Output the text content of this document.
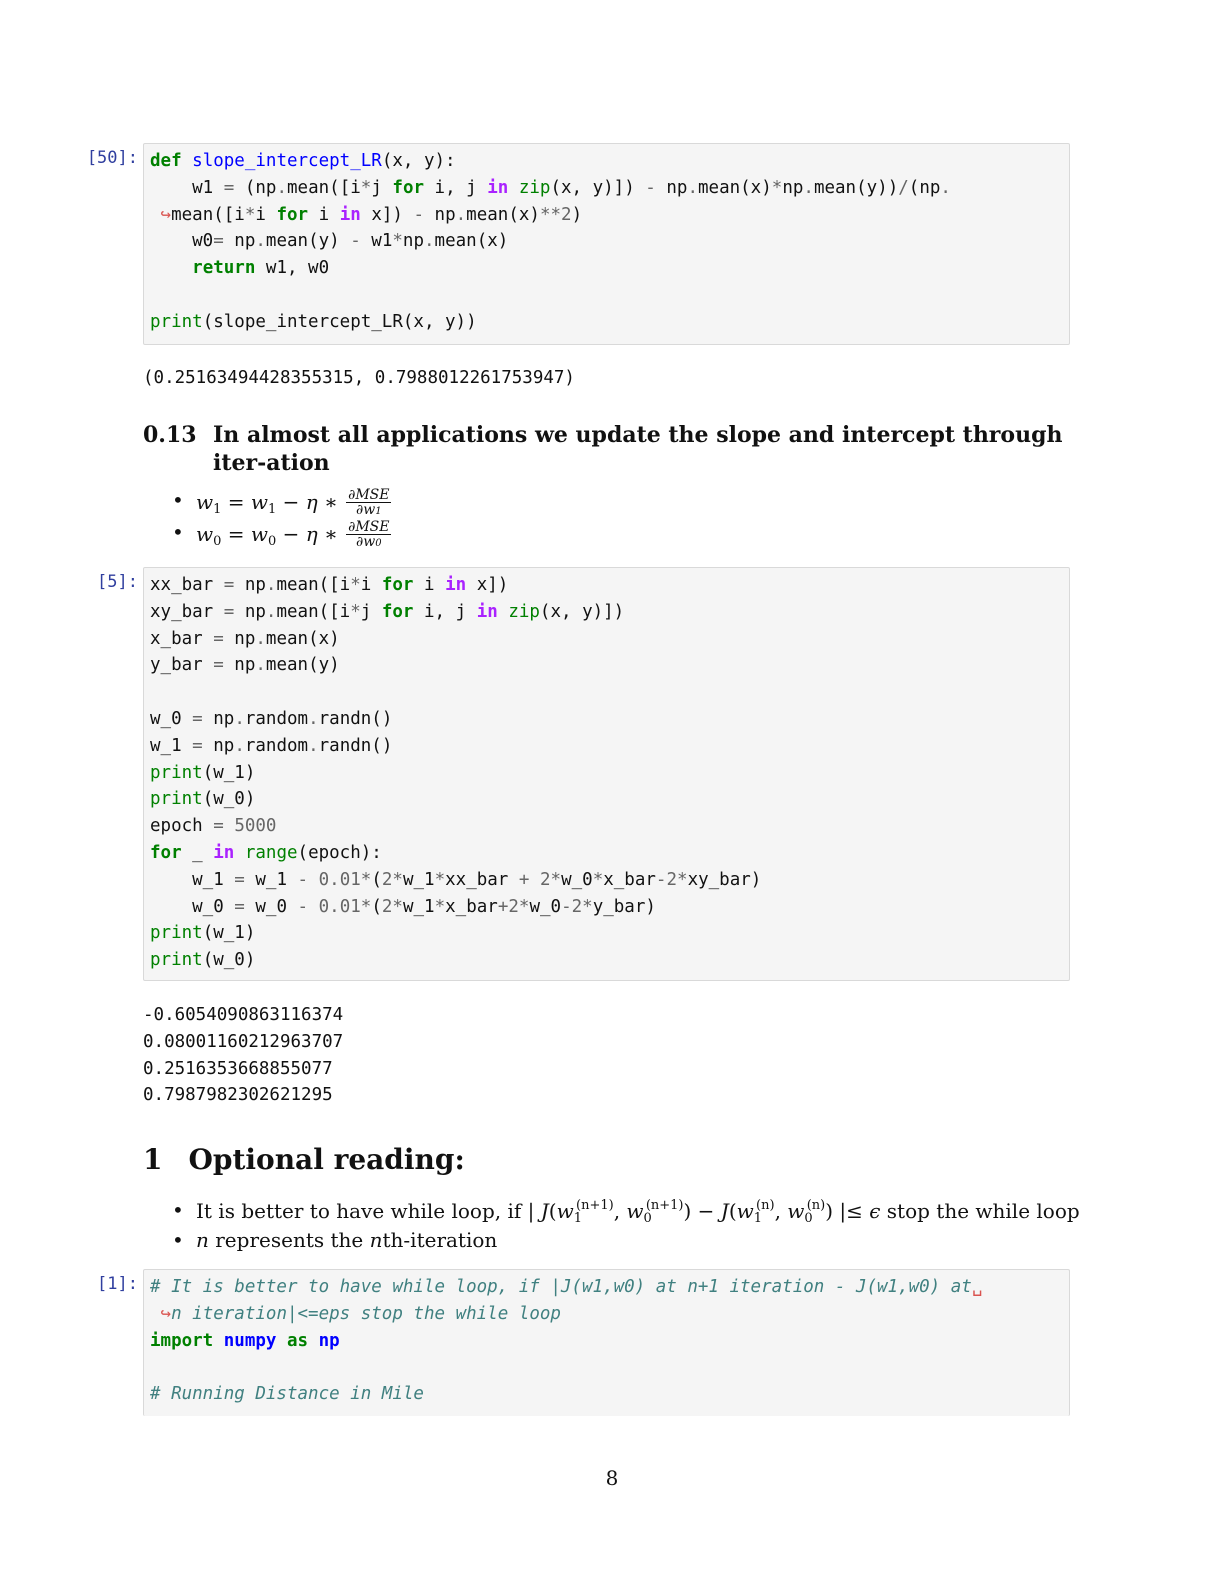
[50]: def slope_intercept_LR(x, y):
w1 = (np.mean([i*j for i, j in zip(x, y)]) - np.mean(x)*np.mean(y))/(np.
↪mean([i*i for i in x]) - np.mean(x)**2)
w0= np.mean(y) - w1*np.mean(x)
return w1, w0

print(slope_intercept_LR(x, y))
(0.25163494428355315, 0.7988012261753947)
0.13 In almost all applications we update the slope and intercept through iter-ation
• $w_1 = w_1 - \eta$ ∗ $\frac{\text{∂MSE}}{\partial w1}$
• $w_0 = w_0 - \eta$ ∗ $\frac{\text{∂MSE}}{\partial w0}$
[5]: xx_bar = np.mean([i*i for i in x])
xy_bar = np.mean([i*j for i, j in zip(x, y)])
x_bar = np.mean(x)
y_bar = np.mean(y)

w_0 = np.random.randn()
w_1 = np.random.randn()
print(w_1)
print(w_0)
epoch = 5000
for _ in range(epoch):
w_1 = w_1 - 0.01*(2*w_1*xx_bar + 2*w_0*x_bar-2*xy_bar)
w_0 = w_0 - 0.01*(2*w_1*x_bar+2*w_0-2*y_bar)
print(w_1)
print(w_0)
-0.6054090863116374
0.08001160212963707
0.2516353668855077
0.7987982302621295
1 Optional reading:
• It is better to have while loop, if | $J(w_1^{(n+1)}$, $w_0^{(n+1)}) - J(w_1^{(n)}$, $w_0^{(n)}$) |≤ ϵ stop the while loop
• n represents the nth-iteration
[1]: # It is better to have while loop, if |J(w1,w0) at n+1 iteration - J(w1,w0) at␣
↪n iteration|<=eps stop the while loop
import numpy as np

# Running Distance in Mile
8
